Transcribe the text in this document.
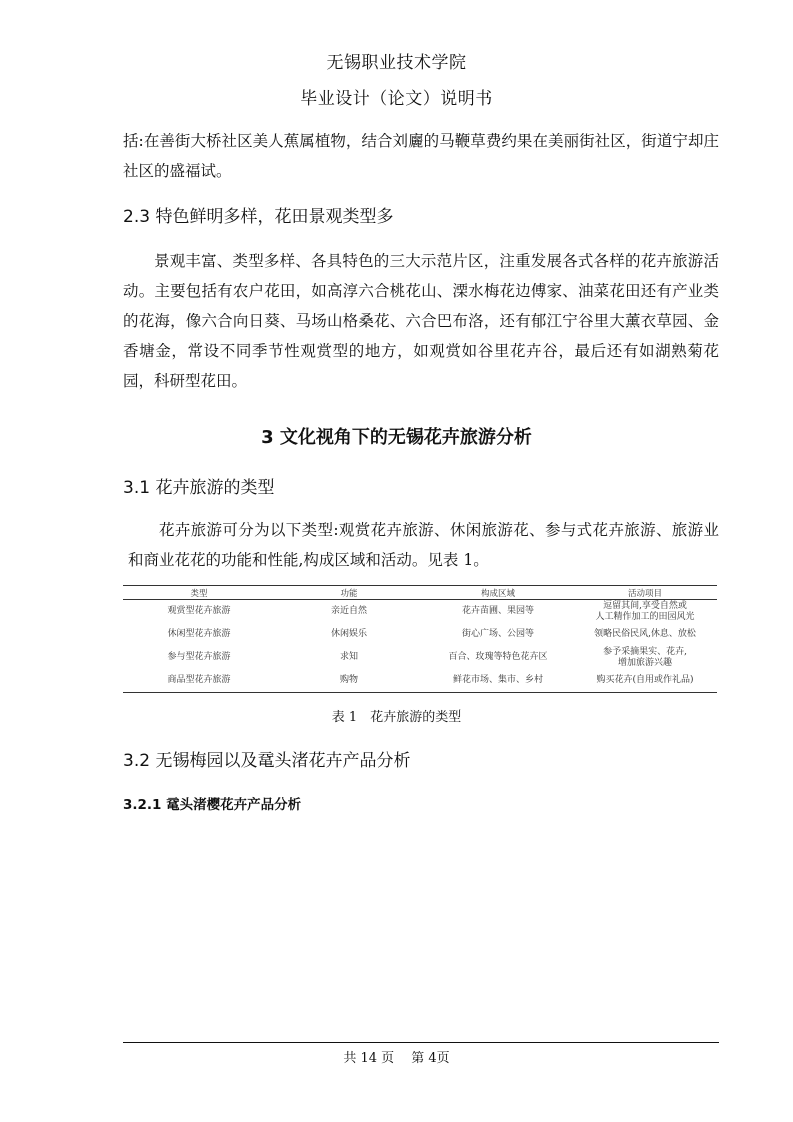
无锡职业技术学院
毕业设计（论文）说明书

括:在善街大桥社区美人蕉属植物，结合刘廲的马鞭草费约果在美丽街社区，街道宁却庄社区的盛福试。

2.3 特色鲜明多样，花田景观类型多

景观丰富、类型多样、各具特色的三大示范片区，注重发展各式各样的花卉旅游活动。主要包括有农户花田，如高淳六合桃花山、溧水梅花边傅家、油菜花田还有产业类的花海，像六合向日葵、马场山格桑花、六合巴布洛，还有郁江宁谷里大薰衣草园、金香塘金，常设不同季节性观赏型的地方，如观赏如谷里花卉谷，最后还有如湖熟菊花园，科研型花田。

3 文化视角下的无锡花卉旅游分析
3.1 花卉旅游的类型

花卉旅游可分为以下类型:观赏花卉旅游、休闲旅游花、参与式花卉旅游、旅游业和商业花花的功能和性能,构成区域和活动。见表 1。

类型	功能	构成区域	活动项目
观赏型花卉旅游	亲近自然	花卉苗圃、果园等	逗留其间,享受自然或
人工精作加工的田园风光

休闲型花卉旅游	休闲娱乐	街心广场、公园等	领略民俗民风,休息、放松
参与型花卉旅游	求知	百合、玫瑰等特色花卉区	参予采摘果实、花卉,
增加旅游兴趣

商品型花卉旅游	购物	鲜花市场、集市、乡村	购买花卉(自用或作礼品)
表 1　花卉旅游的类型
3.2 无锡梅园以及鼋头渚花卉产品分析
3.2.1 鼋头渚樱花卉产品分析
共 14 页　 第 4页
